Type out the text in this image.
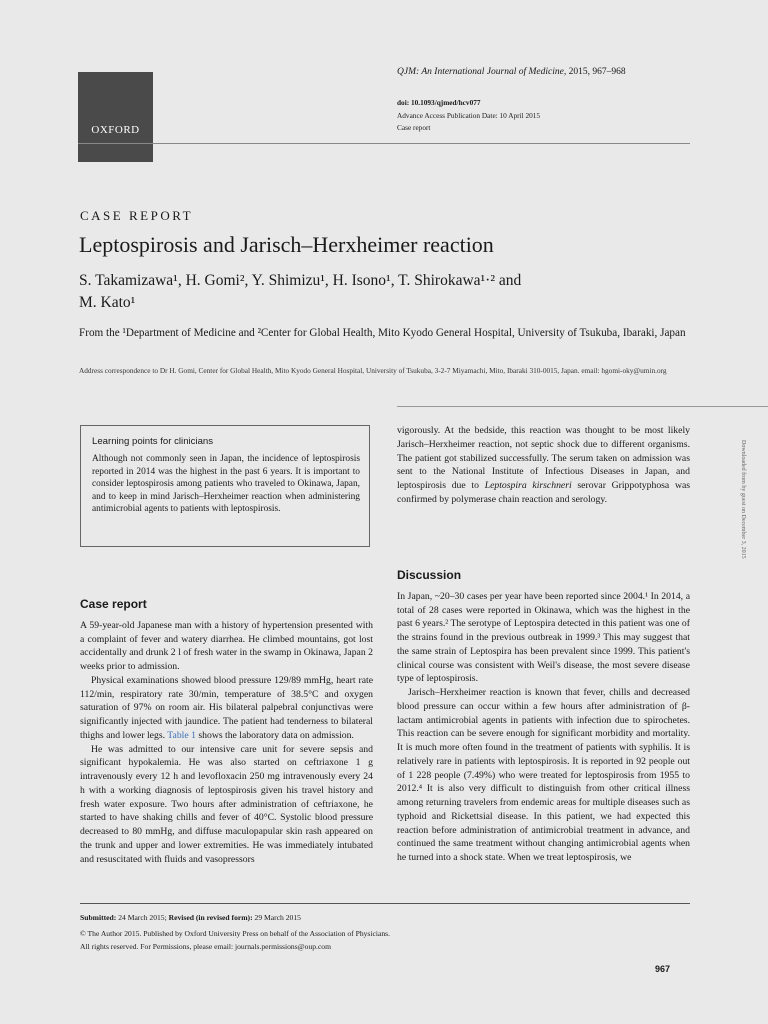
OXFORD
QJM: An International Journal of Medicine, 2015, 967–968
doi: 10.1093/qjmed/hcv077
Advance Access Publication Date: 10 April 2015
Case report
CASE REPORT
Leptospirosis and Jarisch–Herxheimer reaction
S. Takamizawa¹, H. Gomi², Y. Shimizu¹, H. Isono¹, T. Shirokawa¹·² and
M. Kato¹
From the ¹Department of Medicine and ²Center for Global Health, Mito Kyodo General Hospital, University of Tsukuba, Ibaraki, Japan
Address correspondence to Dr H. Gomi, Center for Global Health, Mito Kyodo General Hospital, University of Tsukuba, 3-2-7 Miyamachi, Mito, Ibaraki 310-0015, Japan. email: hgomi-oky@umin.org
Learning points for clinicians

Although not commonly seen in Japan, the incidence of leptospirosis reported in 2014 was the highest in the past 6 years. It is important to consider leptospirosis among patients who traveled to Okinawa, Japan, and to keep in mind Jarisch–Herxheimer reaction when administering antimicrobial agents to patients with leptospirosis.

Case report

A 59-year-old Japanese man with a history of hypertension presented with a complaint of fever and watery diarrhea. He climbed mountains, got lost accidentally and drunk 2 l of fresh water in the swamp in Okinawa, Japan 2 weeks prior to admission.

Physical examinations showed blood pressure 129/89 mmHg, heart rate 112/min, respiratory rate 30/min, temperature of 38.5°C and oxygen saturation of 97% on room air. His bilateral palpebral conjunctivas were significantly injected with jaundice. The patient had tenderness to bilateral thighs and lower legs. Table 1 shows the laboratory data on admission.

He was admitted to our intensive care unit for severe sepsis and significant hypokalemia. He was also started on ceftriaxone 1 g intravenously every 12 h and levofloxacin 250 mg intravenously every 24 h with a working diagnosis of leptospirosis given his travel history and fresh water exposure. Two hours after administration of ceftriaxone, he started to have shaking chills and fever of 40°C. Systolic blood pressure decreased to 80 mmHg, and diffuse maculopapular skin rash appeared on the trunk and upper and lower extremities. He was immediately intubated and resuscitated with fluids and vasopressors

vigorously. At the bedside, this reaction was thought to be most likely Jarisch–Herxheimer reaction, not septic shock due to different organisms. The patient got stabilized successfully. The serum taken on admission was sent to the National Institute of Infectious Diseases in Japan, and leptospirosis due to Leptospira kirschneri serovar Grippotyphosa was confirmed by polymerase chain reaction and serology.

Discussion

In Japan, ~20–30 cases per year have been reported since 2004.¹ In 2014, a total of 28 cases were reported in Okinawa, which was the highest in the past 6 years.² The serotype of Leptospira detected in this patient was one of the strains found in the previous outbreak in 1999.³ This may suggest that the same strain of Leptospira has been prevalent since 1999. This patient's clinical course was consistent with Weil's disease, the most severe disease type of leptospirosis.

Jarisch–Herxheimer reaction is known that fever, chills and decreased blood pressure can occur within a few hours after administration of β-lactam antimicrobial agents in patients with infection due to spirochetes. This reaction can be severe enough for significant morbidity and mortality. It is much more often found in the treatment of patients with syphilis. It is relatively rare in patients with leptospirosis. It is reported in 92 people out of 1 228 people (7.49%) who were treated for leptospirosis from 1955 to 2012.⁴ It is also very difficult to distinguish from other critical illness among returning travelers from endemic areas for multiple diseases such as typhoid and Rickettsial disease. In this patient, we had expected this reaction before administration of antimicrobial treatment in advance, and continued the same treatment without changing antimicrobial agents when he turned into a shock state. When we treat leptospirosis, we

Downloaded from by guest on December 3, 2015
Submitted: 24 March 2015; Revised (in revised form): 29 March 2015
© The Author 2015. Published by Oxford University Press on behalf of the Association of Physicians.
All rights reserved. For Permissions, please email: journals.permissions@oup.com
967
